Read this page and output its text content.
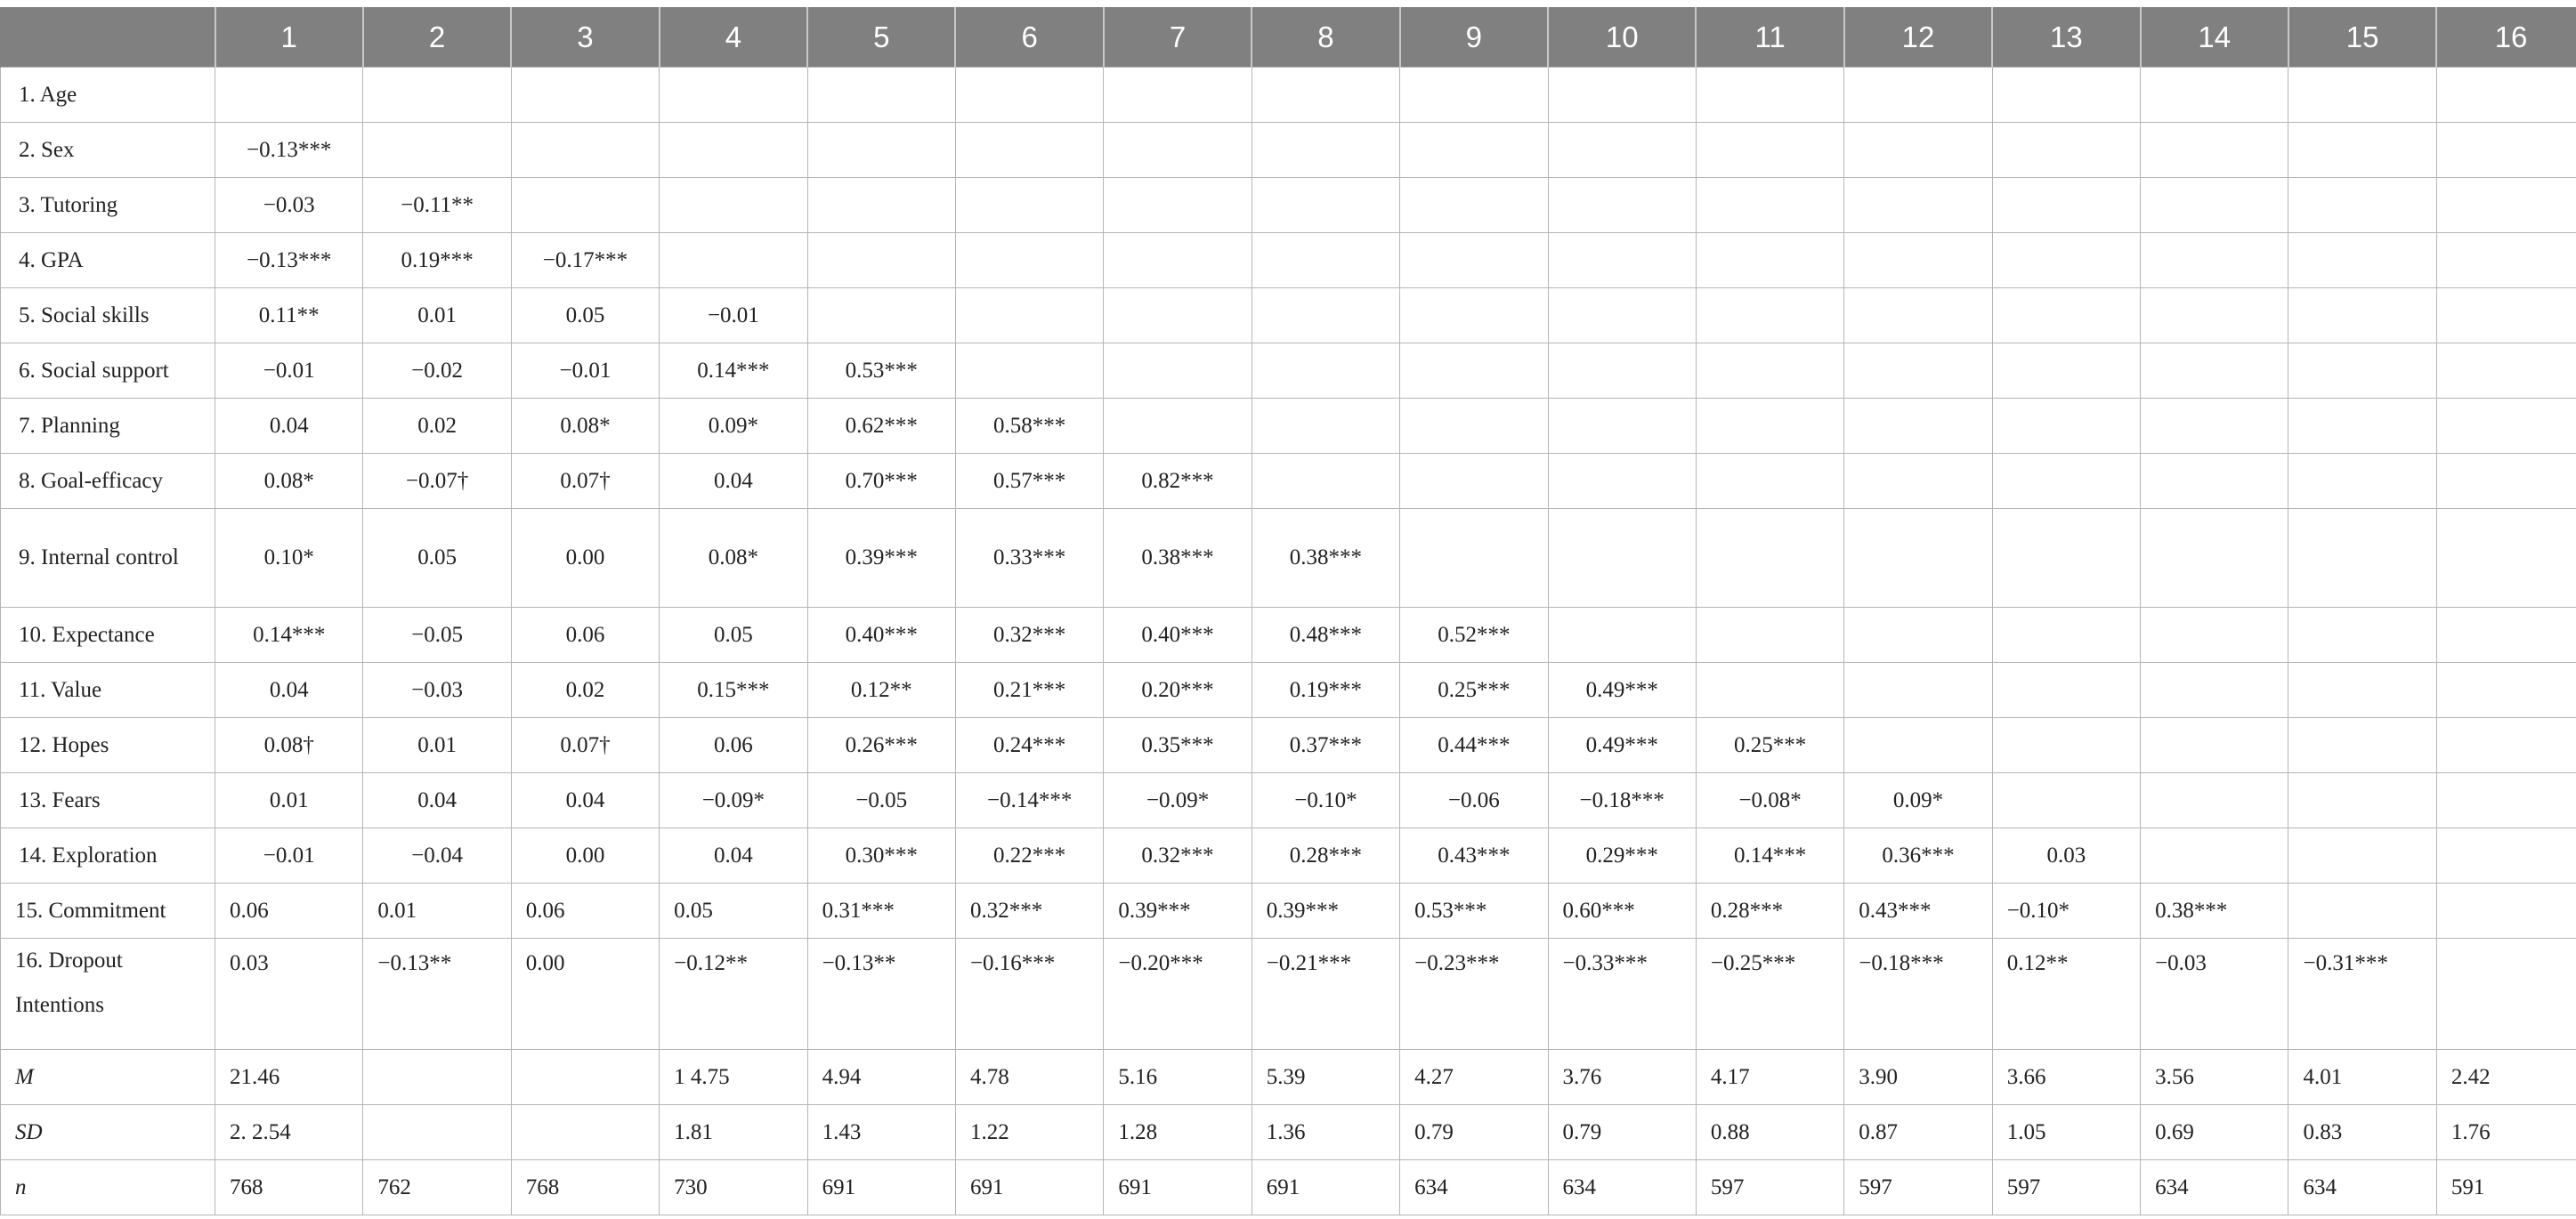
	1	2	3	4	5	6	7	8	9	10	11	12	13	14	15	16
1. Age																
2. Sex	−0.13***															
3. Tutoring	−0.03	−0.11**														
4. GPA	−0.13***	0.19***	−0.17***													
5. Social skills	0.11**	0.01	0.05	−0.01												
6. Social support	−0.01	−0.02	−0.01	0.14***	0.53***											
7. Planning	0.04	0.02	0.08*	0.09*	0.62***	0.58***										
8. Goal-efficacy	0.08*	−0.07†	0.07†	0.04	0.70***	0.57***	0.82***									
9. Internal control	0.10*	0.05	0.00	0.08*	0.39***	0.33***	0.38***	0.38***								
10. Expectance	0.14***	−0.05	0.06	0.05	0.40***	0.32***	0.40***	0.48***	0.52***							
11. Value	0.04	−0.03	0.02	0.15***	0.12**	0.21***	0.20***	0.19***	0.25***	0.49***						
12. Hopes	0.08†	0.01	0.07†	0.06	0.26***	0.24***	0.35***	0.37***	0.44***	0.49***	0.25***					
13. Fears	0.01	0.04	0.04	−0.09*	−0.05	−0.14***	−0.09*	−0.10*	−0.06	−0.18***	−0.08*	0.09*				
14. Exploration	−0.01	−0.04	0.00	0.04	0.30***	0.22***	0.32***	0.28***	0.43***	0.29***	0.14***	0.36***	0.03			
15. Commitment	0.06	0.01	0.06	0.05	0.31***	0.32***	0.39***	0.39***	0.53***	0.60***	0.28***	0.43***	−0.10*	0.38***		
16. Dropout Intentions	0.03	−0.13**	0.00	−0.12**	−0.13**	−0.16***	−0.20***	−0.21***	−0.23***	−0.33***	−0.25***	−0.18***	0.12**	−0.03	−0.31***	
M	21.46			1 4.75	4.94	4.78	5.16	5.39	4.27	3.76	4.17	3.90	3.66	3.56	4.01	2.42
SD	2. 2.54			1.81	1.43	1.22	1.28	1.36	0.79	0.79	0.88	0.87	1.05	0.69	0.83	1.76
n	768	762	768	730	691	691	691	691	634	634	597	597	597	634	634	591
